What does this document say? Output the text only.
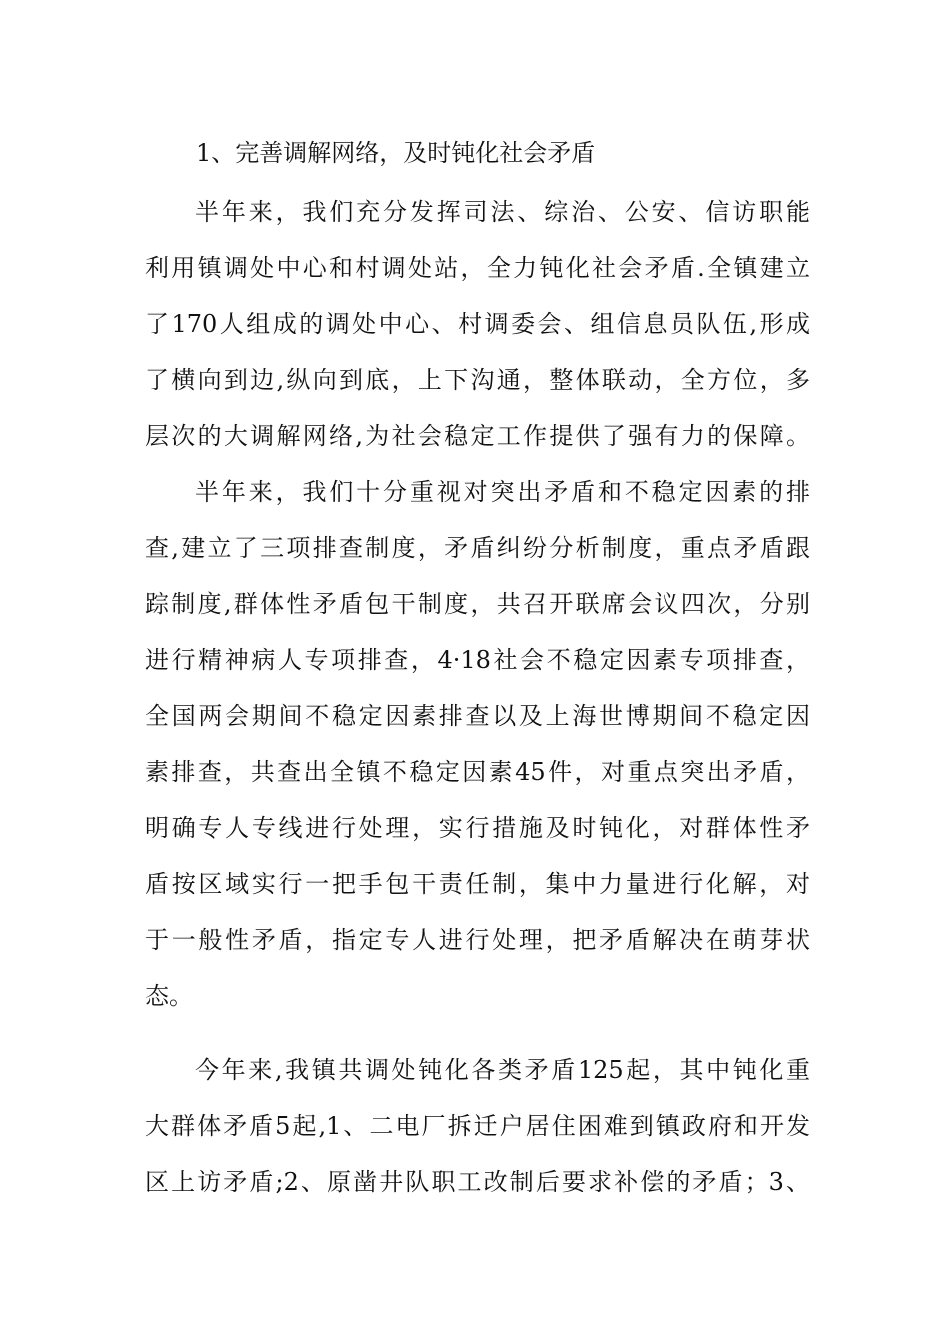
1、完善调解网络，及时钝化社会矛盾
半年来，我们充分发挥司法、综治、公安、信访职能
利用镇调处中心和村调处站，全力钝化社会矛盾.全镇建立
了170人组成的调处中心、村调委会、组信息员队伍,形成
了横向到边,纵向到底，上下沟通，整体联动，全方位，多
层次的大调解网络,为社会稳定工作提供了强有力的保障。
半年来，我们十分重视对突出矛盾和不稳定因素的排
查,建立了三项排查制度，矛盾纠纷分析制度，重点矛盾跟
踪制度,群体性矛盾包干制度，共召开联席会议四次，分别
进行精神病人专项排查，4·18社会不稳定因素专项排查，
全国两会期间不稳定因素排查以及上海世博期间不稳定因
素排查，共查出全镇不稳定因素45件，对重点突出矛盾，
明确专人专线进行处理，实行措施及时钝化，对群体性矛
盾按区域实行一把手包干责任制，集中力量进行化解，对
于一般性矛盾，指定专人进行处理，把矛盾解决在萌芽状
态。
今年来,我镇共调处钝化各类矛盾125起，其中钝化重
大群体矛盾5起,1、二电厂拆迁户居住困难到镇政府和开发
区上访矛盾;2、原凿井队职工改制后要求补偿的矛盾；3、
